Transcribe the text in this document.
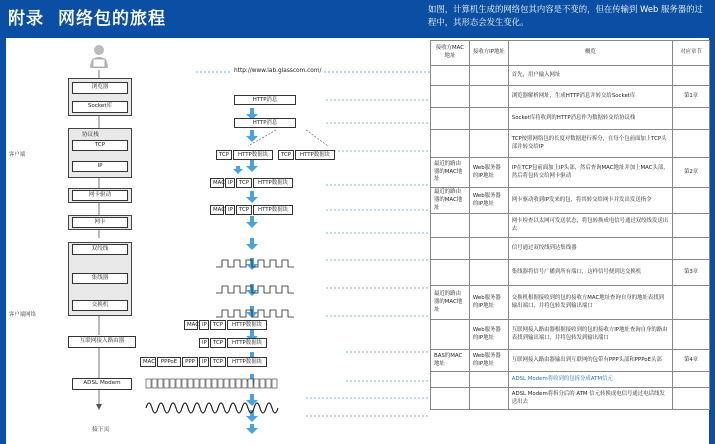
附录 网络包的旅程	如图，计算机生成的网络包其内容是不变的，但在传输到 Web 服务器的过程中，其形态会发生变化。
接下页
http://www.lab.glasscom.com/
客户端
客户端网络
浏览器
Socket库
协议栈
TCP
IP
网卡驱动
网卡
双绞线
集线器
交换机
互联网接入路由器
ADSL Modem
HTTP消息
HTTP消息
TCP	HTTP数据块	TCP	HTTP数据块
MAC IP	TCP	HTTP数据块
MAC IP	TCP	HTTP数据块
MAC IP	TCP	HTTP数据块
IP	TCP	HTTP数据块
MAC	PPPoE	PPP	IP	TCP	HTTP数据块
接收方MAC地址	接收方IP地址	概览	对应章节
		首先，用户输入网址	
		浏览器解析网址，生成HTTP消息并转交给Socket库	第1章
		Socket库将收到的HTTP消息作为数据转交给协议栈	
		TCP按照网络包的长度对数据进行拆分，在每个包前面加上TCP头部并转交给IP	
最近的路由器的MAC地址	Web服务器的IP地址	IP在TCP包前面加上IP头部，然后查询MAC地址并加上MAC头部，然后将包转交给网卡驱动	第2章
最近的路由器的MAC地址	Web服务器的IP地址	网卡驱动收到IP发来的包，将其转交给网卡并发出发送指令	
		网卡检查以太网可发送状态，将包转换成电信号通过双绞线发送出去	
		信号通过双绞线到达集线器	
		集线器将信号广播到所有端口，这样信号便到达交换机	第3章
最近的路由器的MAC地址	Web服务器的IP地址	交换机根据接收到的包的接收方MAC地址查询自身的地址表找到输出端口，并将包转发到输出端口	
	Web服务器的IP地址	互联网接入路由器根据接收到的包的接收方IP地址查询自身的路由表找到输出端口，并将包转发到输出端口	
BAS的MAC地址	Web服务器的IP地址	互联网接入路由器输出到互联网的包带有PPP头部和PPPoE头部	第4章
		ADSL Modem将收到的包拆分成ATM信元	
		ADSL Modem将拆分后的 ATM 信元转换成电信号通过电话线发送出去	
